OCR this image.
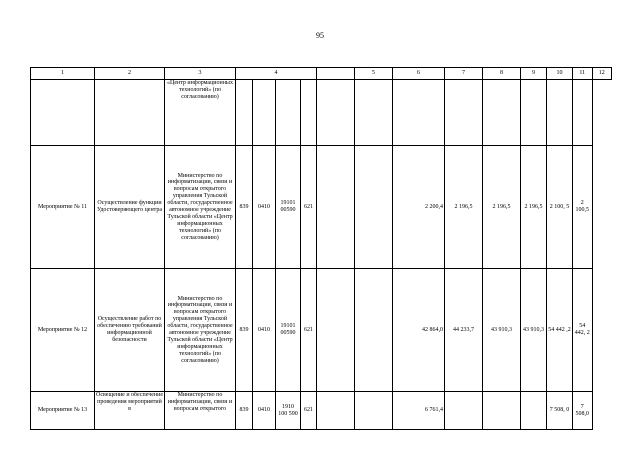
95
1	2	3	4					5	6	7	8	9	10	11	12
		«Центр информационных технологий» (по согласованию)													
Мероприятие № 11	Осуществление функции Удостоверяющего центра	Министерство по информатизации, связи и вопросам открытого управления Тульской области, государственное автономное учреждение Тульской области «Центр информационных технологий» (по согласованию)	839	0410	19101 00590	621			2 200,4	2 196,5	2 196,5	2 196,5	2 100, 5	2 100,5	
Мероприятие № 12	Осуществление работ по обеспечению требований информационной безопасности	Министерство по информатизации, связи и вопросам открытого управления Тульской области, государственное автономное учреждение Тульской области «Центр информационных технологий» (по согласованию)	839	0410	19101 00590	621			42 864,0	44 233,7	43 910,3	43 910,3	54 442 ,2	54 442, 2	
Мероприятие № 13	Освещение и обеспечение проведения мероприятий в	Министерство по информатизации, связи и вопросам открытого	839	0410	1910 100 590	621			6 761,4				7 508, 0	7 508,0	
